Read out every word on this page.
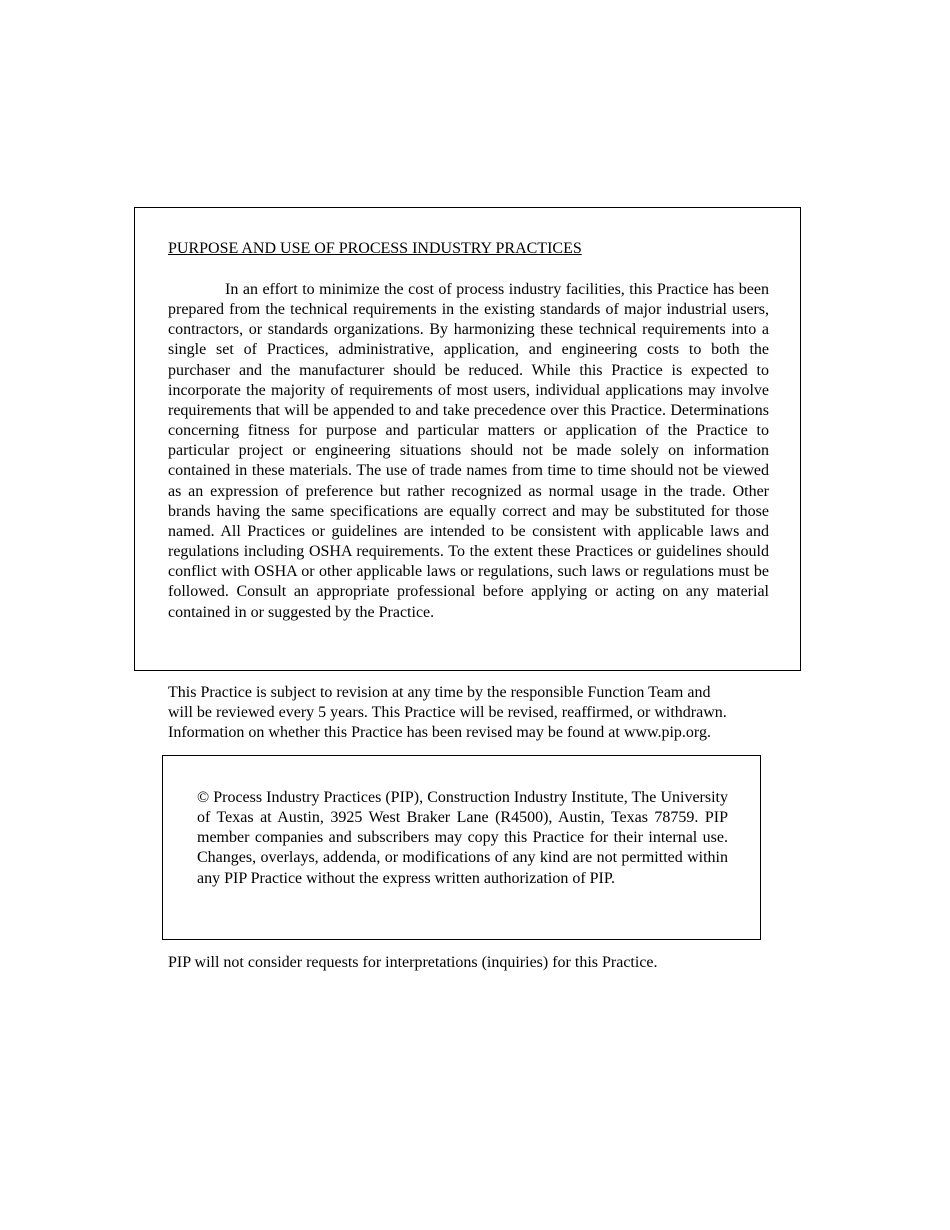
PURPOSE AND USE OF PROCESS INDUSTRY PRACTICES

In an effort to minimize the cost of process industry facilities, this Practice has been prepared from the technical requirements in the existing standards of major industrial users, contractors, or standards organizations. By harmonizing these technical requirements into a single set of Practices, administrative, application, and engineering costs to both the purchaser and the manufacturer should be reduced. While this Practice is expected to incorporate the majority of requirements of most users, individual applications may involve requirements that will be appended to and take precedence over this Practice. Determinations concerning fitness for purpose and particular matters or application of the Practice to particular project or engineering situations should not be made solely on information contained in these materials. The use of trade names from time to time should not be viewed as an expression of preference but rather recognized as normal usage in the trade. Other brands having the same specifications are equally correct and may be substituted for those named. All Practices or guidelines are intended to be consistent with applicable laws and regulations including OSHA requirements. To the extent these Practices or guidelines should conflict with OSHA or other applicable laws or regulations, such laws or regulations must be followed. Consult an appropriate professional before applying or acting on any material contained in or suggested by the Practice.

This Practice is subject to revision at any time by the responsible Function Team and
will be reviewed every 5 years. This Practice will be revised, reaffirmed, or withdrawn.
Information on whether this Practice has been revised may be found at www.pip.org.

© Process Industry Practices (PIP), Construction Industry Institute, The University of Texas at Austin, 3925 West Braker Lane (R4500), Austin, Texas 78759. PIP member companies and subscribers may copy this Practice for their internal use. Changes, overlays, addenda, or modifications of any kind are not permitted within any PIP Practice without the express written authorization of PIP.

PIP will not consider requests for interpretations (inquiries) for this Practice.
